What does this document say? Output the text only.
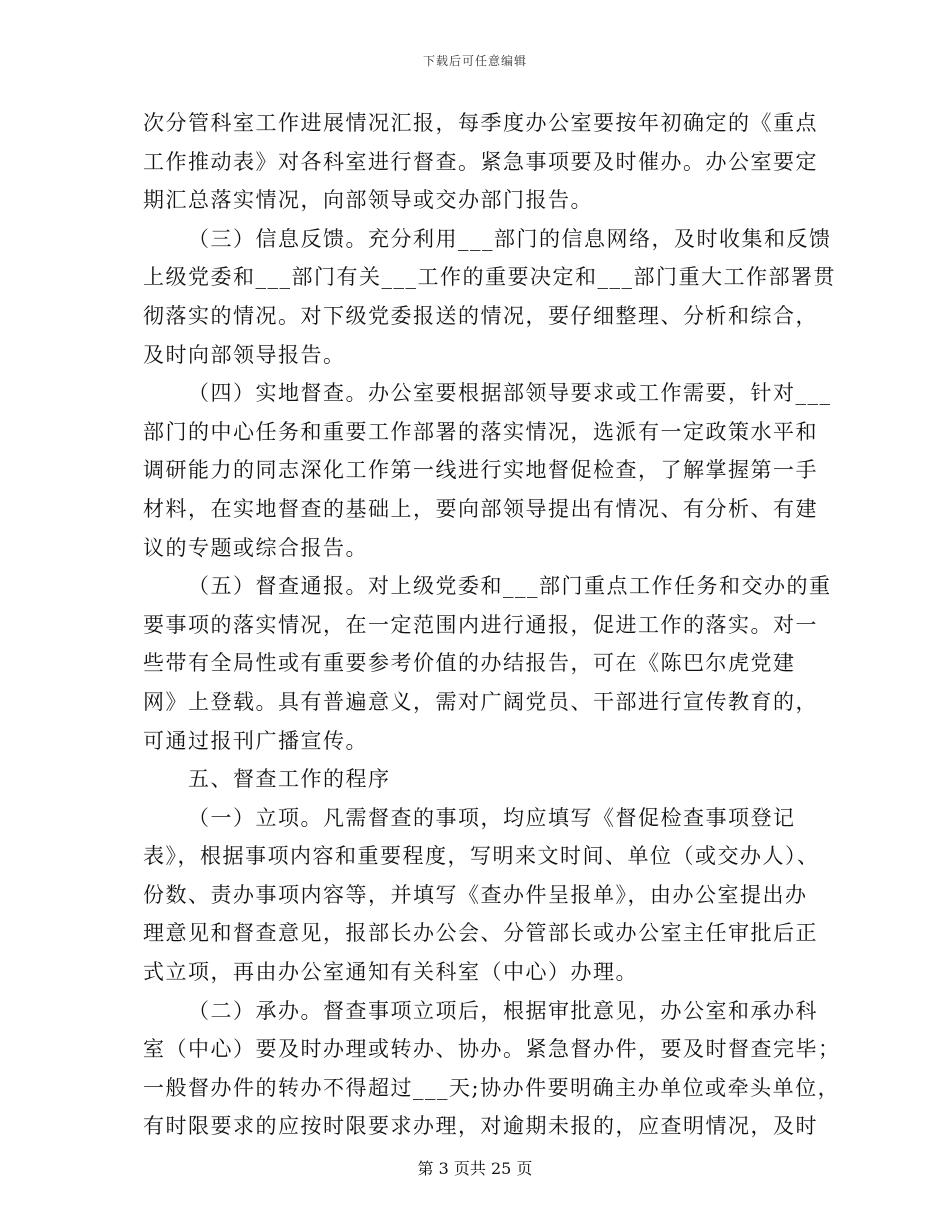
下载后可任意编辑
次分管科室工作进展情况汇报，每季度办公室要按年初确定的《重点
工作推动表》对各科室进行督查。紧急事项要及时催办。办公室要定
期汇总落实情况，向部领导或交办部门报告。
（三）信息反馈。充分利用___部门的信息网络，及时收集和反馈
上级党委和___部门有关___工作的重要决定和___部门重大工作部署贯
彻落实的情况。对下级党委报送的情况，要仔细整理、分析和综合，
及时向部领导报告。
（四）实地督查。办公室要根据部领导要求或工作需要，针对___
部门的中心任务和重要工作部署的落实情况，选派有一定政策水平和
调研能力的同志深化工作第一线进行实地督促检查，了解掌握第一手
材料，在实地督查的基础上，要向部领导提出有情况、有分析、有建
议的专题或综合报告。
（五）督查通报。对上级党委和___部门重点工作任务和交办的重
要事项的落实情况，在一定范围内进行通报，促进工作的落实。对一
些带有全局性或有重要参考价值的办结报告，可在《陈巴尔虎党建
网》上登载。具有普遍意义，需对广阔党员、干部进行宣传教育的，
可通过报刊广播宣传。
五、督查工作的程序
（一）立项。凡需督查的事项，均应填写《督促检查事项登记
表》，根据事项内容和重要程度，写明来文时间、单位（或交办人）、
份数、责办事项内容等，并填写《查办件呈报单》，由办公室提出办
理意见和督查意见，报部长办公会、分管部长或办公室主任审批后正
式立项，再由办公室通知有关科室（中心）办理。
（二）承办。督查事项立项后，根据审批意见，办公室和承办科
室（中心）要及时办理或转办、协办。紧急督办件，要及时督查完毕；
一般督办件的转办不得超过___天;协办件要明确主办单位或牵头单位，
有时限要求的应按时限要求办理，对逾期未报的，应查明情况，及时
第 3 页共 25 页
